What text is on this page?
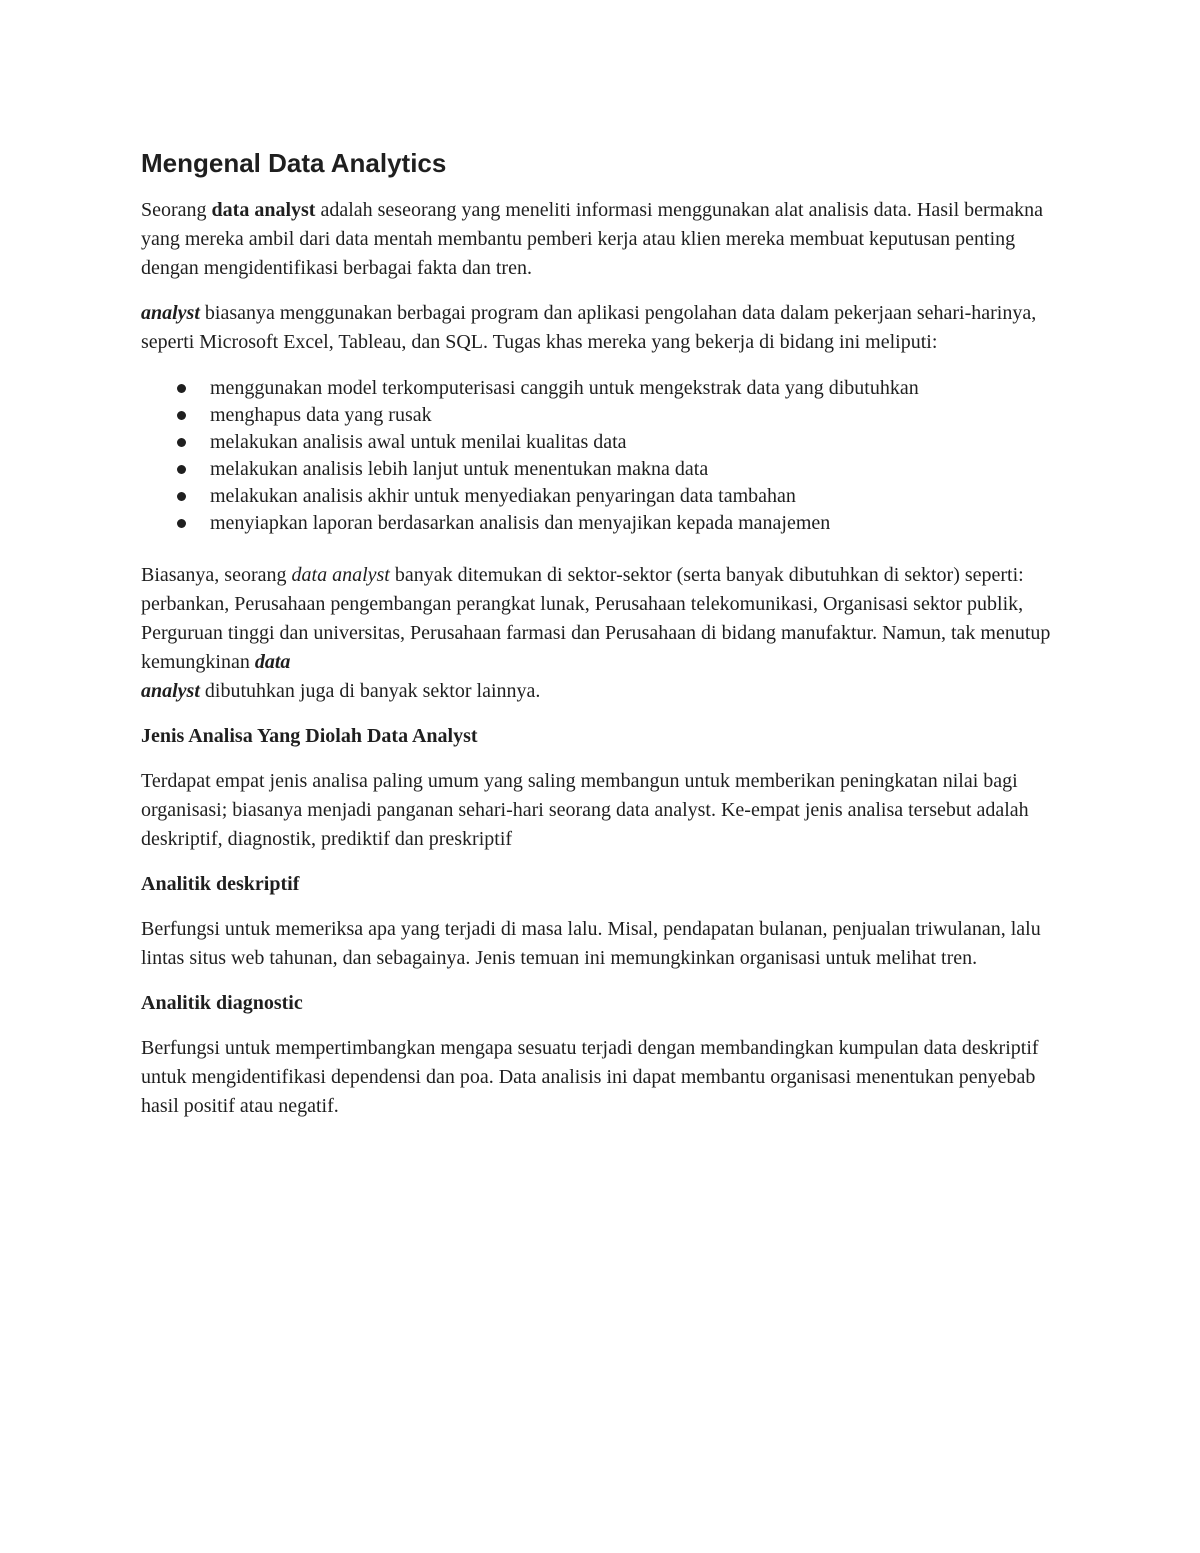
Mengenal Data Analytics

Seorang data analyst adalah seseorang yang meneliti informasi menggunakan alat analisis data. Hasil bermakna yang mereka ambil dari data mentah membantu pemberi kerja atau klien mereka membuat keputusan penting dengan mengidentifikasi berbagai fakta dan tren.

analyst biasanya menggunakan berbagai program dan aplikasi pengolahan data dalam pekerjaan sehari-harinya, seperti Microsoft Excel, Tableau, dan SQL. Tugas khas mereka yang bekerja di bidang ini meliputi:

menggunakan model terkomputerisasi canggih untuk mengekstrak data yang dibutuhkan
menghapus data yang rusak
melakukan analisis awal untuk menilai kualitas data
melakukan analisis lebih lanjut untuk menentukan makna data
melakukan analisis akhir untuk menyediakan penyaringan data tambahan
menyiapkan laporan berdasarkan analisis dan menyajikan kepada manajemen

Biasanya, seorang data analyst banyak ditemukan di sektor-sektor (serta banyak dibutuhkan di sektor) seperti: perbankan, Perusahaan pengembangan perangkat lunak, Perusahaan telekomunikasi, Organisasi sektor publik, Perguruan tinggi dan universitas, Perusahaan farmasi dan Perusahaan di bidang manufaktur. Namun, tak menutup kemungkinan data
analyst dibutuhkan juga di banyak sektor lainnya.

Jenis Analisa Yang Diolah Data Analyst

Terdapat empat jenis analisa paling umum yang saling membangun untuk memberikan peningkatan nilai bagi organisasi; biasanya menjadi panganan sehari-hari seorang data analyst. Ke-empat jenis analisa tersebut adalah deskriptif, diagnostik, prediktif dan preskriptif

Analitik deskriptif

Berfungsi untuk memeriksa apa yang terjadi di masa lalu. Misal, pendapatan bulanan, penjualan triwulanan, lalu lintas situs web tahunan, dan sebagainya. Jenis temuan ini memungkinkan organisasi untuk melihat tren.

Analitik diagnostic

Berfungsi untuk mempertimbangkan mengapa sesuatu terjadi dengan membandingkan kumpulan data deskriptif untuk mengidentifikasi dependensi dan poa. Data analisis ini dapat membantu organisasi menentukan penyebab hasil positif atau negatif.
